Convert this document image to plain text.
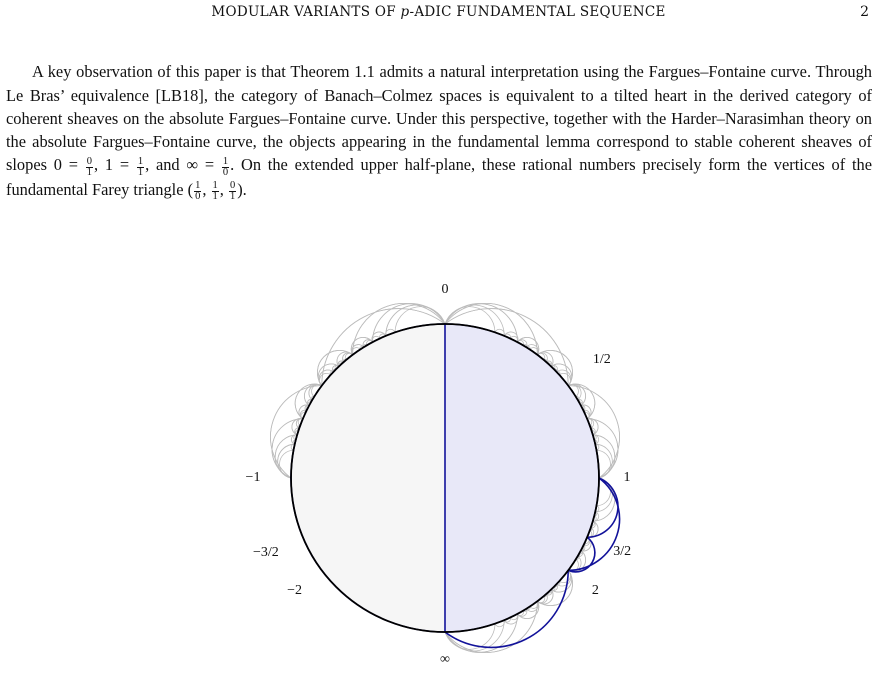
MODULAR VARIANTS OF p-ADIC FUNDAMENTAL SEQUENCE	2

A key observation of this paper is that Theorem 1.1 admits a natural interpretation using the Fargues–Fontaine curve. Through Le Bras’ equivalence [LB18], the category of Banach–Colmez spaces is equivalent to a tilted heart in the derived category of coherent sheaves on the absolute Fargues–Fontaine curve. Under this perspective, together with the Harder–Narasimhan theory on the absolute Fargues–Fontaine curve, the objects appearing in the fundamental lemma correspond to stable coherent sheaves of slopes $0 = \frac{0}{1}$ , $1 = \frac{1}{1}$ , and ∞ = $\frac{1}{0}$ . On the extended upper half-plane, these rational numbers precisely form the vertices of the fundamental Farey triangle ( $\frac{1}{0}$ , $\frac{1}{1}$ , $\frac{0}{1}$ ).

∞
−2	2
−3/2	3/2
−1	1
1/2
0
